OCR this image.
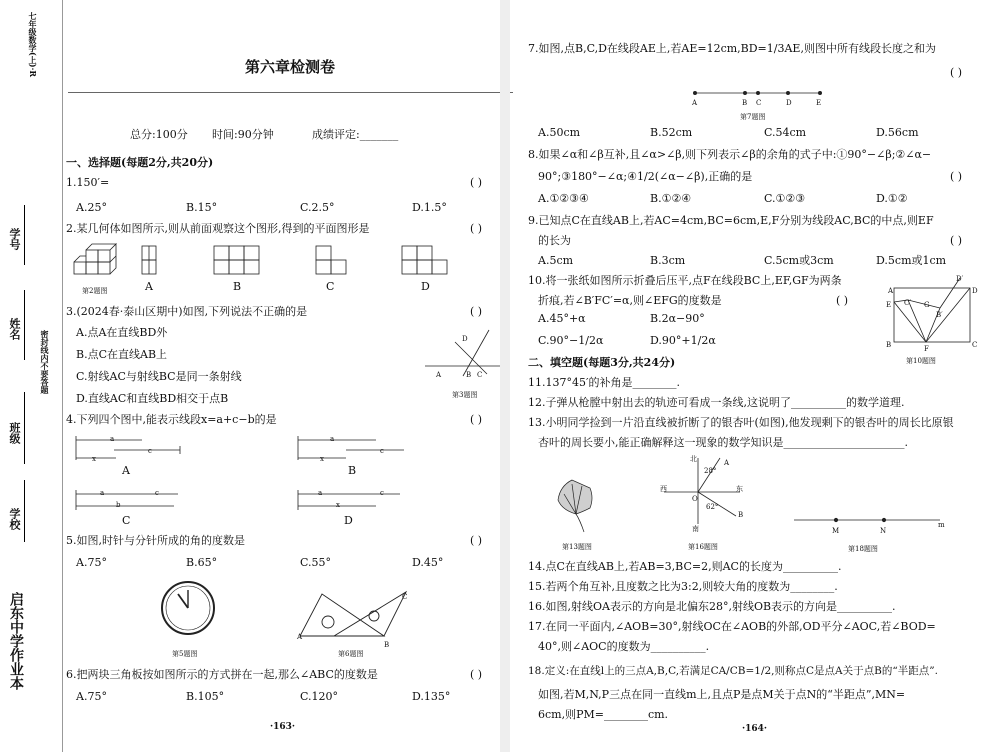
七年级数学(上)·R
学号
姓名
班级
学校
密封线内不要答题
启东中学作业本
第六章检测卷
总分:100分 时间:90分钟	成绩评定:_______
一、选择题(每题2分,共20分)
1.150′=	( )
A.25°	B.15°	C.2.5°	D.1.5°
2.某几何体如图所示,则从前面观察这个图形,得到的平面图形是	( )
第2题图	A	B	C	D
3.(2024春·泰山区期中)如图,下列说法不正确的是	( )
A.点A在直线BD外
B.点C在直线AB上
C.射线AC与射线BC是同一条射线
D.直线AC和直线BD相交于点B
A
D
C
B
第3题图
4.下列四个图中,能表示线段x=a+c−b的是	( )
a
c
x
A
a
c
x
B
a	c
b
C
a	c
x
D
5.如图,时针与分针所成的角的度数是	( )
A.75°	B.65°	C.55°	D.45°
第5题图
A
B
C
第6题图
6.把两块三角板按如图所示的方式拼在一起,那么∠ABC的度数是	( )
A.75°	B.105°	C.120°	D.135°
·163·
7.如图,点B,C,D在线段AE上,若AE=12cm,BD=1/3AE,则图中所有线段长度之和为
( )
A	B C	D	E
第7题图
A.50cm	B.52cm	C.54cm	D.56cm
8.如果∠α和∠β互补,且∠α>∠β,则下列表示∠β的余角的式子中:①90°−∠β;②∠α−
90°;③180°−∠α;④1/2(∠α−∠β),正确的是	( )
A.①②③④	B.①②④	C.①②③	D.①②
9.已知点C在直线AB上,若AC=4cm,BC=6cm,E,F分别为线段AC,BC的中点,则EF
的长为	( )
A.5cm	B.3cm	C.5cm或3cm	D.5cm或1cm
10.将一张纸如图所示折叠后压平,点F在线段BC上,EF,GF为两条
折痕,若∠B′FC′=α,则∠EFG的度数是	( )
A.45°+α	B.2α−90°
C.90°−1/2α	D.90°+1/2α
A	D
E	G
C′
B′
D′
B	F	C
第10题图
二、填空题(每题3分,共24分)
11.137°45′的补角是________.
12.子弹从枪膛中射出去的轨迹可看成一条线,这说明了__________的数学道理.
13.小明同学捡到一片沿直线被折断了的银杏叶(如图),他发现剩下的银杏叶的周长比原银
杏叶的周长要小,能正确解释这一现象的数学知识是______________________.
第13题图
北
南
西	东
28°
62°
A
B
O
第16题图
M	N
m
第18题图
14.点C在直线AB上,若AB=3,BC=2,则AC的长度为__________.
15.若两个角互补,且度数之比为3:2,则较大角的度数为________.
16.如图,射线OA表示的方向是北偏东28°,射线OB表示的方向是__________.
17.在同一平面内,∠AOB=30°,射线OC在∠AOB的外部,OD平分∠AOC,若∠BOD=
40°,则∠AOC的度数为__________.
18.定义:在直线l上的三点A,B,C,若满足CA/CB=1/2,则称点C是点A关于点B的“半距点”.
如图,若M,N,P三点在同一直线m上,且点P是点M关于点N的“半距点”,MN=
6cm,则PM=________cm.
·164·
